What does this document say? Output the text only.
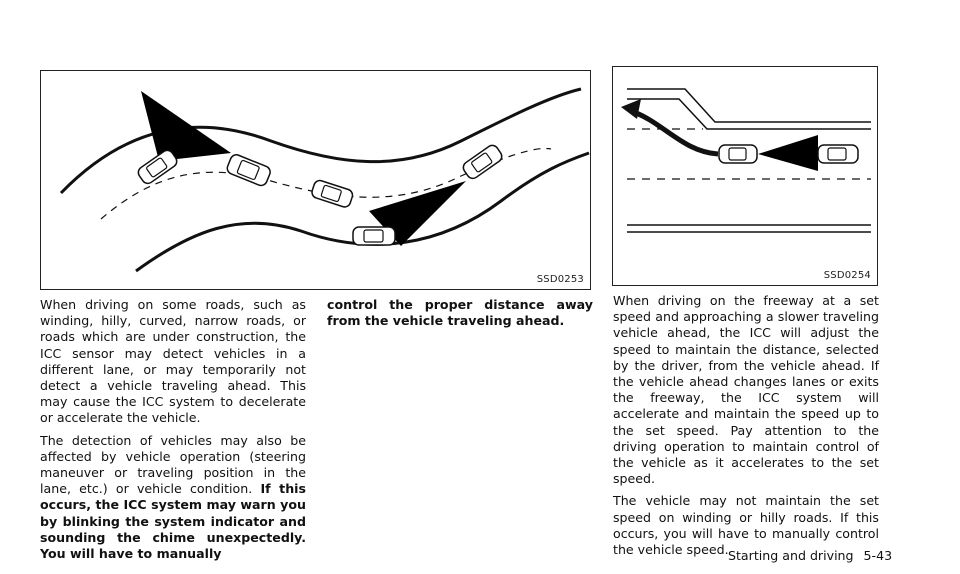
SSD0253	SSD0254

When driving on some roads, such as winding, hilly, curved, narrow roads, or roads which are under construction, the ICC sensor may detect vehicles in a different lane, or may temporarily not detect a vehicle traveling ahead. This may cause the ICC system to decelerate or accelerate the vehicle.

The detection of vehicles may also be affected by vehicle operation (steering maneuver or traveling position in the lane, etc.) or vehicle condition. If this occurs, the ICC system may warn you by blinking the system indicator and sounding the chime unexpectedly. You will have to manually

control the proper distance away from the vehicle traveling ahead.

When driving on the freeway at a set speed and approaching a slower traveling vehicle ahead, the ICC will adjust the speed to maintain the distance, selected by the driver, from the vehicle ahead. If the vehicle ahead changes lanes or exits the freeway, the ICC system will accelerate and maintain the speed up to the set speed. Pay attention to the driving operation to maintain control of the vehicle as it accelerates to the set speed.

The vehicle may not maintain the set speed on winding or hilly roads. If this occurs, you will have to manually control the vehicle speed. Starting and driving 5-43
